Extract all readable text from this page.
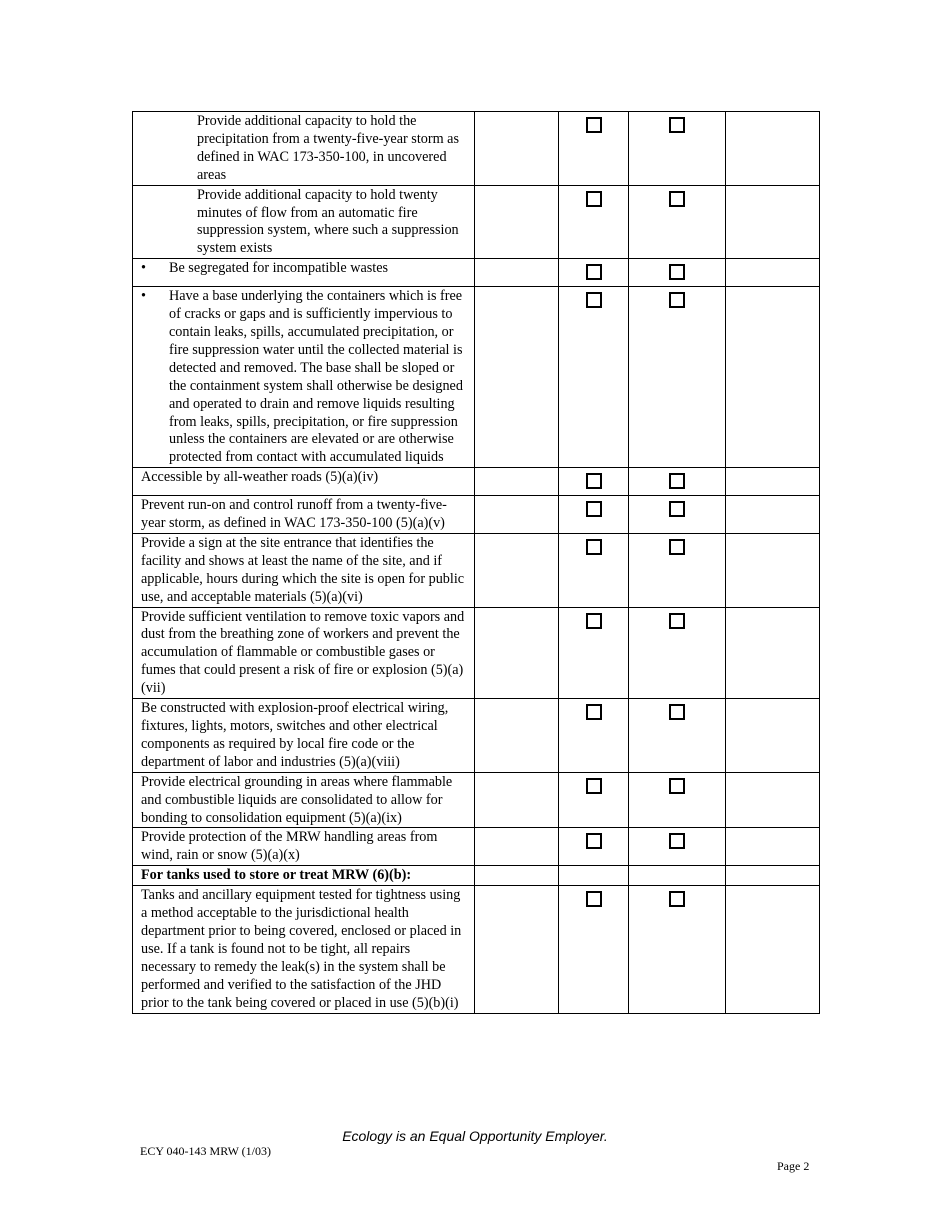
Provide additional capacity to hold the precipitation from a twenty-five-year storm as defined in WAC 173-350-100, in uncovered areas				

Provide additional capacity to hold twenty minutes of flow from an automatic fire suppression system, where such a suppression system exists				

• Be segregated for incompatible wastes				

• Have a base underlying the containers which is free of cracks or gaps and is sufficiently impervious to contain leaks, spills, accumulated precipitation, or fire suppression water until the collected material is detected and removed. The base shall be sloped or the containment system shall otherwise be designed and operated to drain and remove liquids resulting from leaks, spills, precipitation, or fire suppression unless the containers are elevated or are otherwise protected from contact with accumulated liquids				

Accessible by all-weather roads (5)(a)(iv)				

Prevent run-on and control runoff from a twenty-five-year storm, as defined in WAC 173-350-100 (5)(a)(v)				

Provide a sign at the site entrance that identifies the facility and shows at least the name of the site, and if applicable, hours during which the site is open for public use, and acceptable materials (5)(a)(vi)				

Provide sufficient ventilation to remove toxic vapors and dust from the breathing zone of workers and prevent the accumulation of flammable or combustible gases or fumes that could present a risk of fire or explosion (5)(a)(vii)				

Be constructed with explosion-proof electrical wiring, fixtures, lights, motors, switches and other electrical components as required by local fire code or the department of labor and industries (5)(a)(viii)				

Provide electrical grounding in areas where flammable and combustible liquids are consolidated to allow for bonding to consolidation equipment (5)(a)(ix)				

Provide protection of the MRW handling areas from wind, rain or snow (5)(a)(x)				

For tanks used to store or treat MRW (6)(b):				

Tanks and ancillary equipment tested for tightness using a method acceptable to the jurisdictional health department prior to being covered, enclosed or placed in use. If a tank is found not to be tight, all repairs necessary to remedy the leak(s) in the system shall be performed and verified to the satisfaction of the JHD prior to the tank being covered or placed in use (5)(b)(i)				

Ecology is an Equal Opportunity Employer.
ECY 040-143 MRW (1/03)
Page 2
